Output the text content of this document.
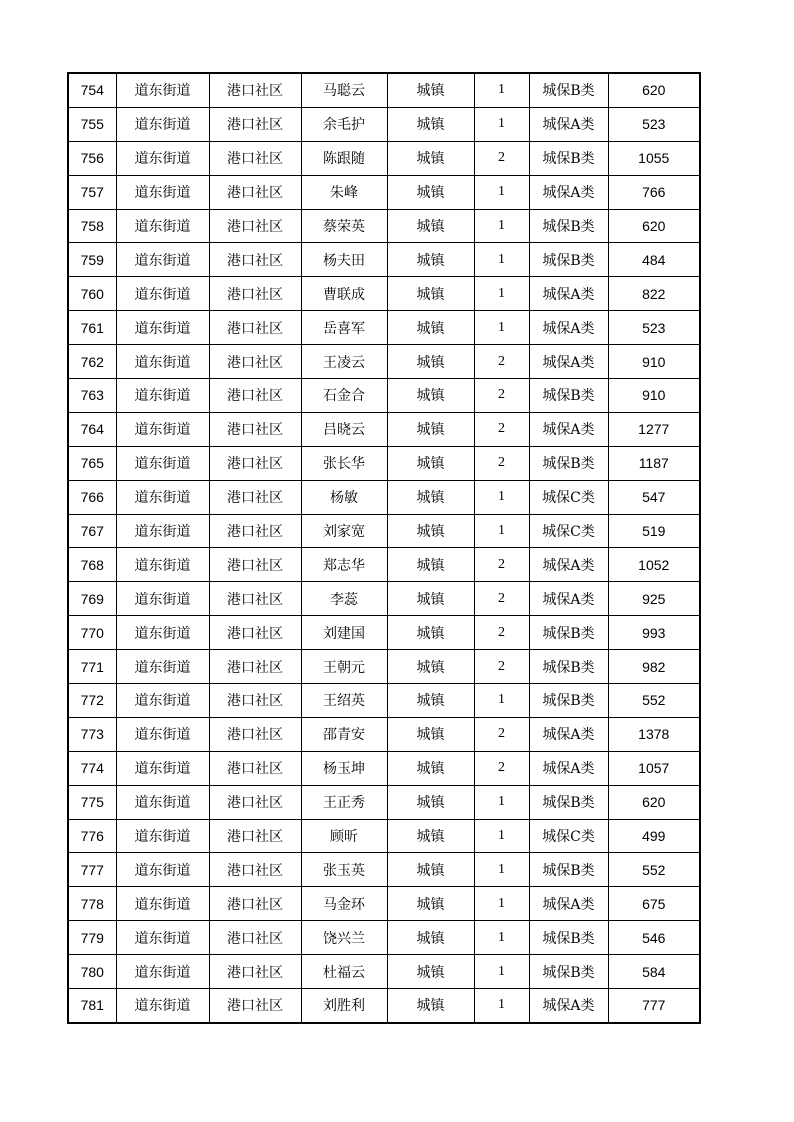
754	道东街道	港口社区	马聪云	城镇	1	城保B类	620
755	道东街道	港口社区	余毛护	城镇	1	城保A类	523
756	道东街道	港口社区	陈跟随	城镇	2	城保B类	1055
757	道东街道	港口社区	朱峰	城镇	1	城保A类	766
758	道东街道	港口社区	蔡荣英	城镇	1	城保B类	620
759	道东街道	港口社区	杨夫田	城镇	1	城保B类	484
760	道东街道	港口社区	曹联成	城镇	1	城保A类	822
761	道东街道	港口社区	岳喜军	城镇	1	城保A类	523
762	道东街道	港口社区	王凌云	城镇	2	城保A类	910
763	道东街道	港口社区	石金合	城镇	2	城保B类	910
764	道东街道	港口社区	吕晓云	城镇	2	城保A类	1277
765	道东街道	港口社区	张长华	城镇	2	城保B类	1187
766	道东街道	港口社区	杨敏	城镇	1	城保C类	547
767	道东街道	港口社区	刘家宽	城镇	1	城保C类	519
768	道东街道	港口社区	郑志华	城镇	2	城保A类	1052
769	道东街道	港口社区	李蕊	城镇	2	城保A类	925
770	道东街道	港口社区	刘建国	城镇	2	城保B类	993
771	道东街道	港口社区	王朝元	城镇	2	城保B类	982
772	道东街道	港口社区	王绍英	城镇	1	城保B类	552
773	道东街道	港口社区	邵青安	城镇	2	城保A类	1378
774	道东街道	港口社区	杨玉坤	城镇	2	城保A类	1057
775	道东街道	港口社区	王正秀	城镇	1	城保B类	620
776	道东街道	港口社区	顾昕	城镇	1	城保C类	499
777	道东街道	港口社区	张玉英	城镇	1	城保B类	552
778	道东街道	港口社区	马金环	城镇	1	城保A类	675
779	道东街道	港口社区	饶兴兰	城镇	1	城保B类	546
780	道东街道	港口社区	杜福云	城镇	1	城保B类	584
781	道东街道	港口社区	刘胜利	城镇	1	城保A类	777
